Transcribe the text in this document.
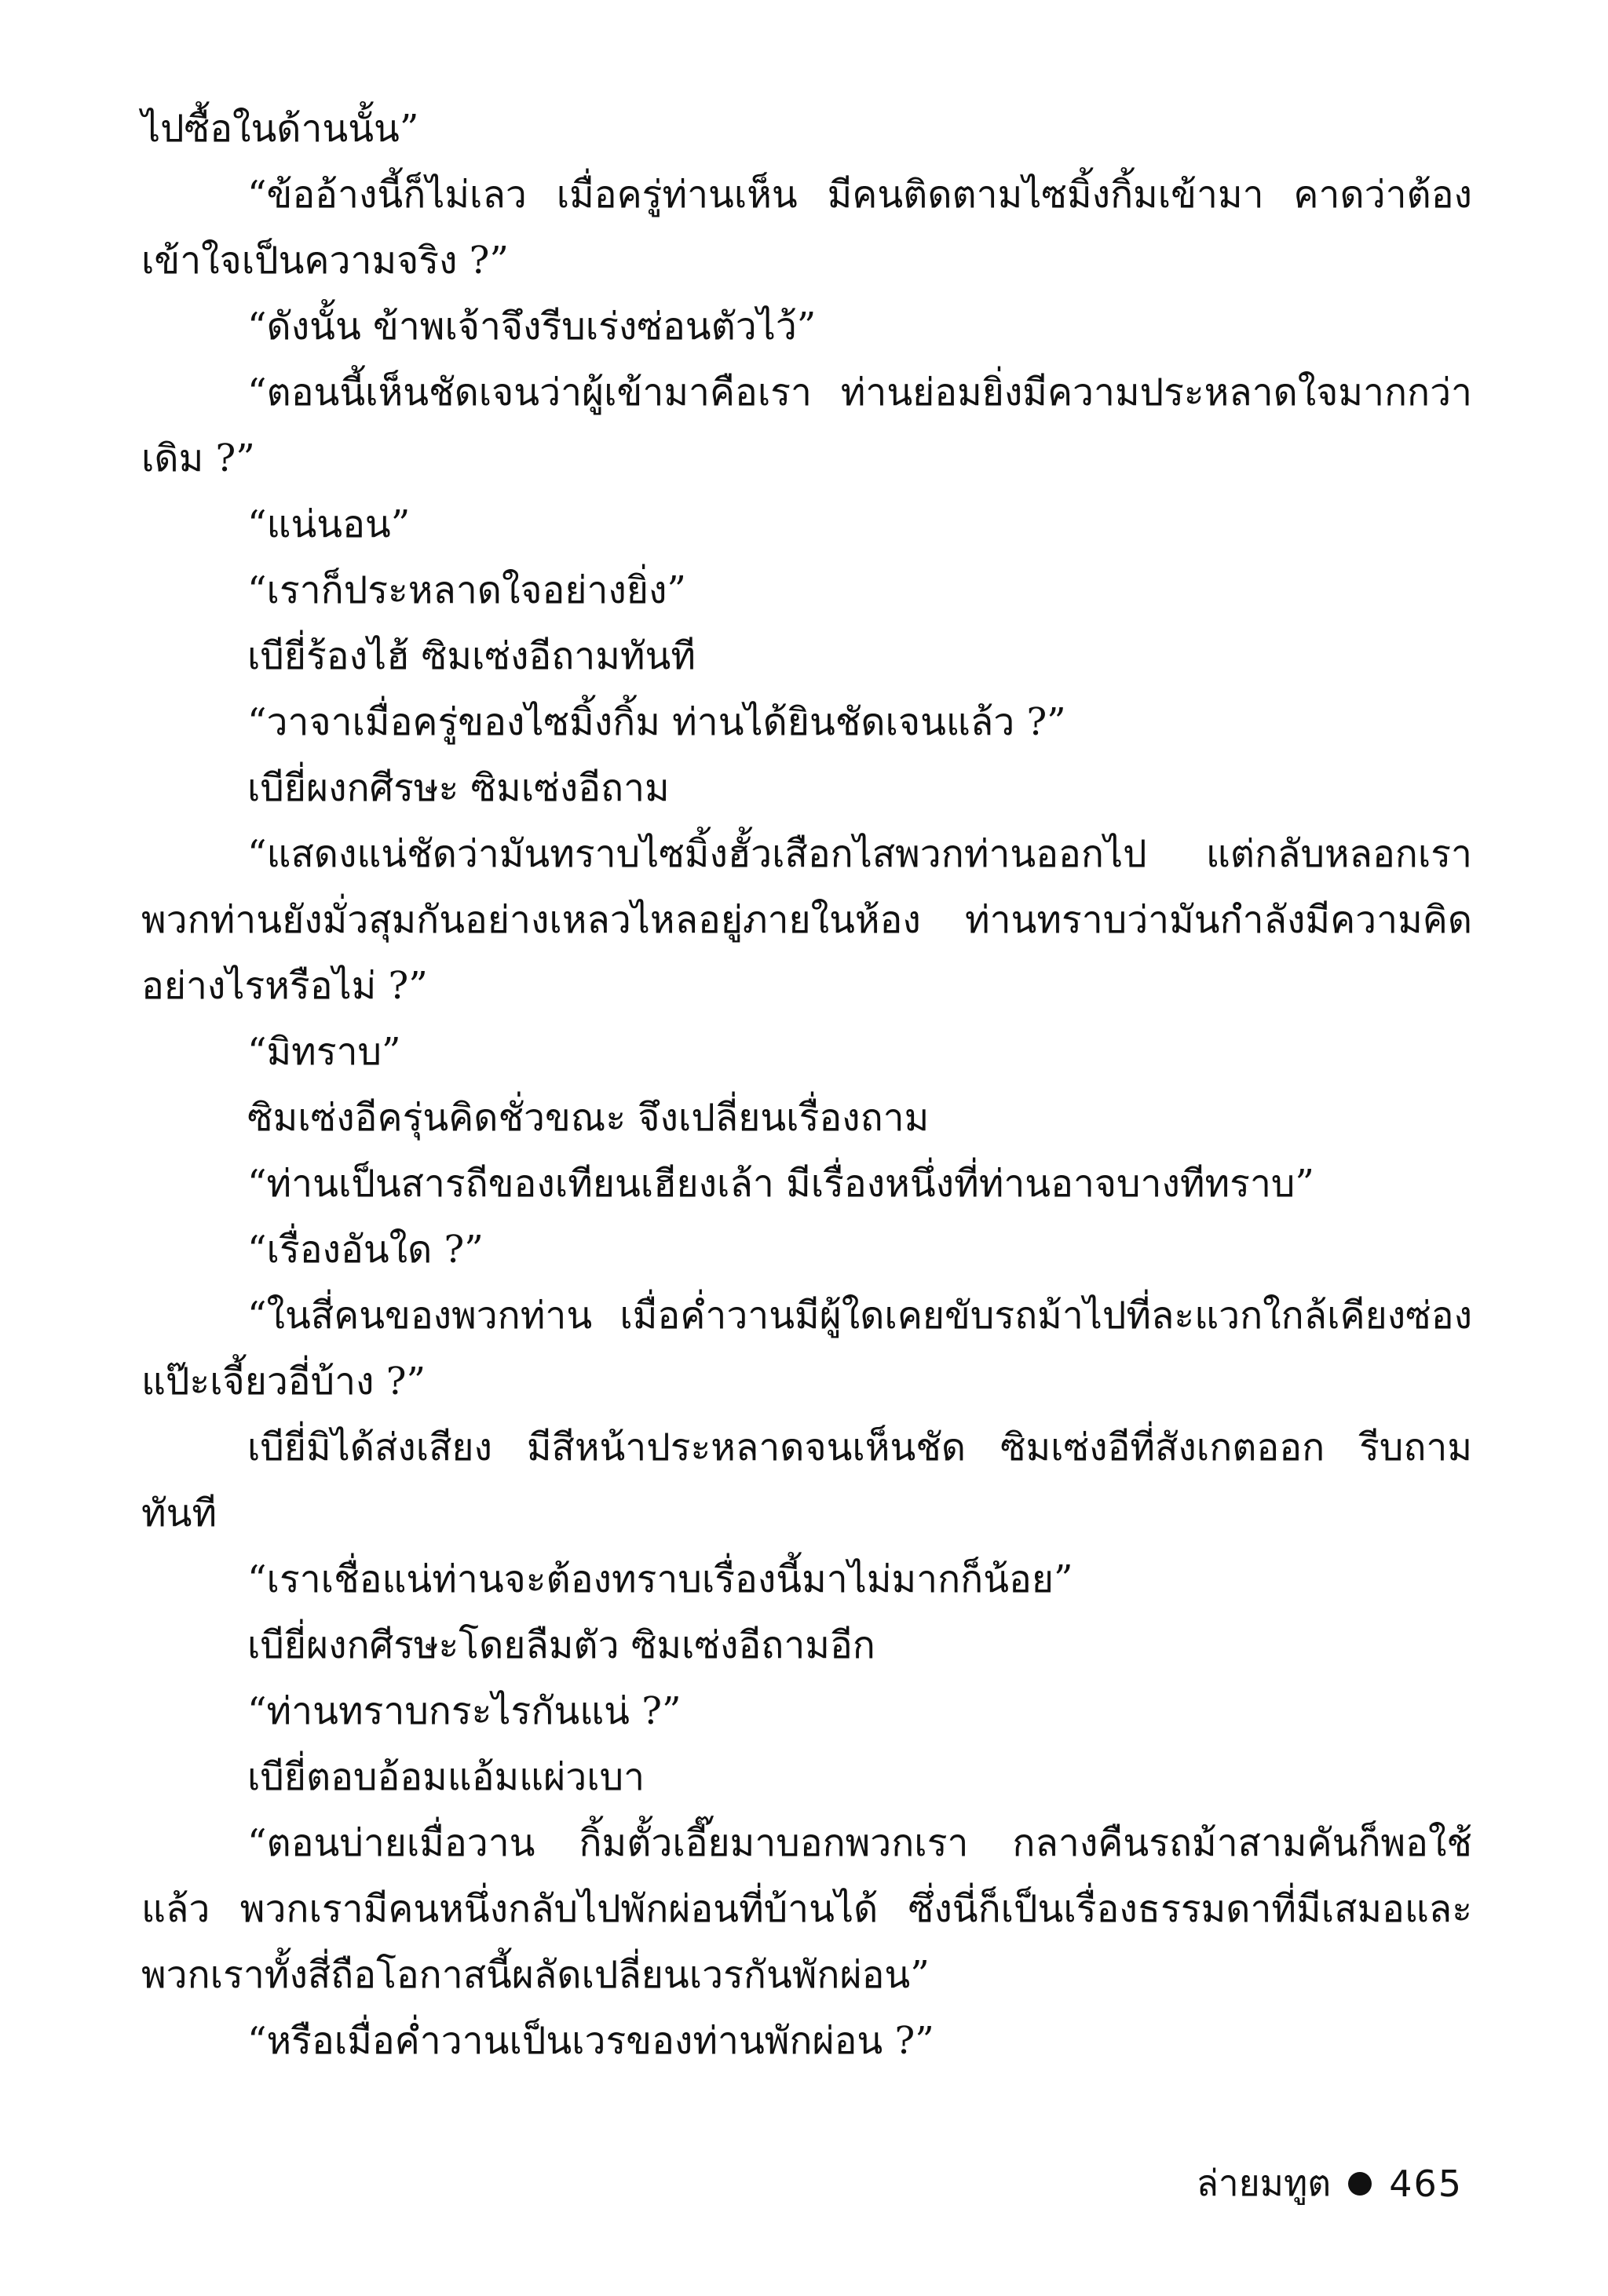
ไปซื้อในด้านนั้น”

“ข้ออ้างนี้ก็ไม่เลว เมื่อครู่ท่านเห็น มีคนติดตามไซมิ้งกิ้มเข้ามา คาดว่าต้องเข้าใจเป็นความจริง ?”

“ดังนั้น ข้าพเจ้าจึงรีบเร่งซ่อนตัวไว้”

“ตอนนี้เห็นชัดเจนว่าผู้เข้ามาคือเรา ท่านย่อมยิ่งมีความประหลาดใจมากกว่าเดิม ?”

“แน่นอน”

“เราก็ประหลาดใจอย่างยิ่ง”

เบียี่ร้องไฮ้ ซิมเซ่งอีถามทันที

“วาจาเมื่อครู่ของไซมิ้งกิ้ม ท่านได้ยินชัดเจนแล้ว ?”

เบียี่ผงกศีรษะ ซิมเซ่งอีถาม

“แสดงแน่ชัดว่ามันทราบไซมิ้งฮั้วเสือกไสพวกท่านออกไป แต่กลับหลอกเราพวกท่านยังมั่วสุมกันอย่างเหลวไหลอยู่ภายในห้อง ท่านทราบว่ามันกำลังมีความคิดอย่างไรหรือไม่ ?”

“มิทราบ”

ซิมเซ่งอีครุ่นคิดชั่วขณะ จึงเปลี่ยนเรื่องถาม

“ท่านเป็นสารถีของเทียนเฮียงเล้า มีเรื่องหนึ่งที่ท่านอาจบางทีทราบ”

“เรื่องอันใด ?”

“ในสี่คนของพวกท่าน เมื่อค่ำวานมีผู้ใดเคยขับรถม้าไปที่ละแวกใกล้เคียงซ่องแป๊ะเจี้ยวอี่บ้าง ?”

เบียี่มิได้ส่งเสียง มีสีหน้าประหลาดจนเห็นชัด ซิมเซ่งอีที่สังเกตออก รีบถามทันที

“เราเชื่อแน่ท่านจะต้องทราบเรื่องนี้มาไม่มากก็น้อย”

เบียี่ผงกศีรษะโดยลืมตัว ซิมเซ่งอีถามอีก

“ท่านทราบกระไรกันแน่ ?”

เบียี่ตอบอ้อมแอ้มแผ่วเบา

“ตอนบ่ายเมื่อวาน กิ้มตั้วเอี๊ยมาบอกพวกเรา กลางคืนรถม้าสามคันก็พอใช้แล้ว พวกเรามีคนหนึ่งกลับไปพักผ่อนที่บ้านได้ ซึ่งนี่ก็เป็นเรื่องธรรมดาที่มีเสมอและพวกเราทั้งสี่ถือโอกาสนี้ผลัดเปลี่ยนเวรกันพักผ่อน”

“หรือเมื่อค่ำวานเป็นเวรของท่านพักผ่อน ?”

ล่ายมทูต 465
